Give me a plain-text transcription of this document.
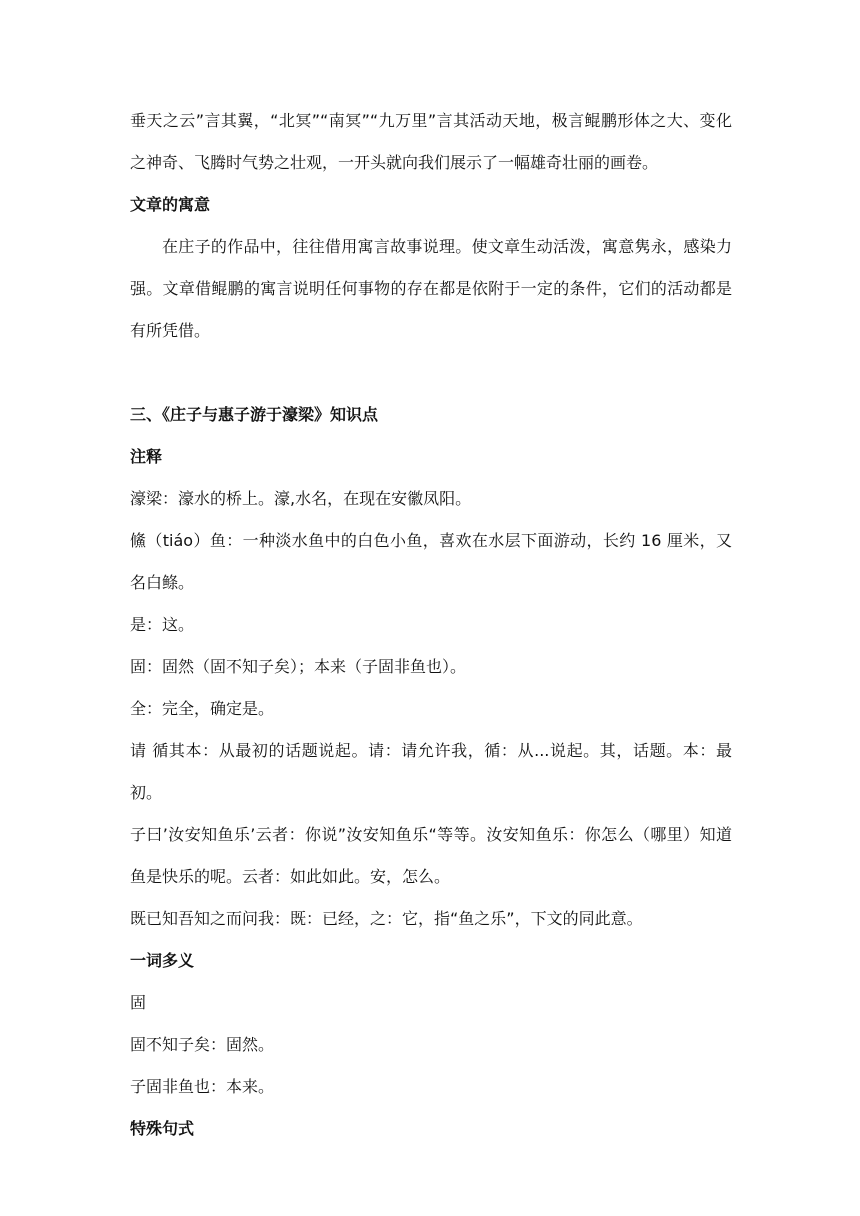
垂天之云”言其翼，“北冥”“南冥”“九万里”言其活动天地，极言鲲鹏形体之大、变化之神奇、飞腾时气势之壮观，一开头就向我们展示了一幅雄奇壮丽的画卷。

文章的寓意

在庄子的作品中，往往借用寓言故事说理。使文章生动活泼，寓意隽永，感染力强。文章借鲲鹏的寓言说明任何事物的存在都是依附于一定的条件，它们的活动都是有所凭借。

三、《庄子与惠子游于濠梁》知识点

注释

濠梁：濠水的桥上。濠,水名，在现在安徽凤阳。

鯈（tiáo）鱼：一种淡水鱼中的白色小鱼，喜欢在水层下面游动，长约 16 厘米，又名白鲦。

是：这。

固：固然（固不知子矣）；本来（子固非鱼也）。

全：完全，确定是。

请 循其本：从最初的话题说起。请：请允许我，循：从...说起。其，话题。本：最初。

子曰’汝安知鱼乐’云者：你说”汝安知鱼乐“等等。汝安知鱼乐：你怎么（哪里）知道鱼是快乐的呢。云者：如此如此。安，怎么。

既已知吾知之而问我：既：已经，之：它，指“鱼之乐”，下文的同此意。

一词多义

固

固不知子矣：固然。

子固非鱼也：本来。

特殊句式
